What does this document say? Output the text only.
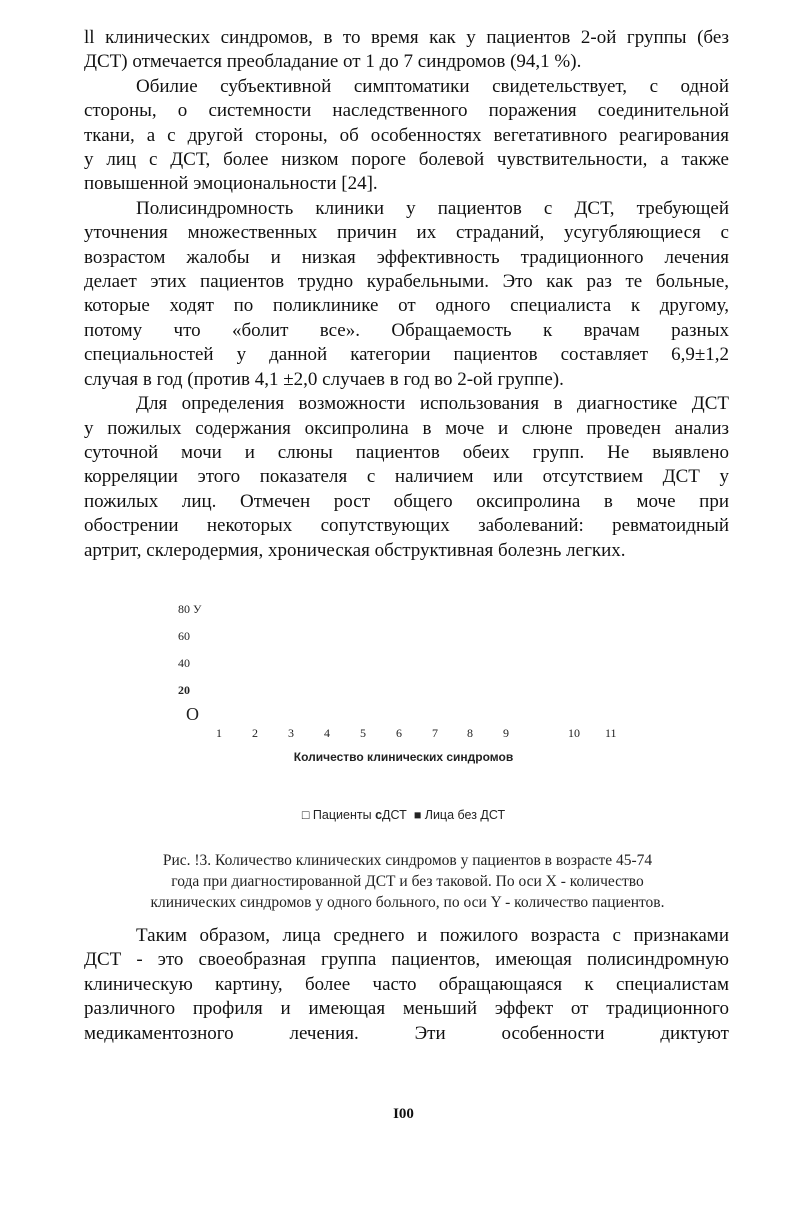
ll клинических синдромов, в то время как у пациентов 2-ой группы (без
ДСТ) отмечается преобладание от 1 до 7 синдромов (94,1 %).

Обилие субъективной симптоматики свидетельствует, с одной
стороны, о системности наследственного поражения соединительной
ткани, а с другой стороны, об особенностях вегетативного реагирования
у лиц с ДСТ, более низком пороге болевой чувствительности, а также
повышенной эмоциональности [24].

Полисиндромность клиники у пациентов с ДСТ, требующей
уточнения множественных причин их страданий, усугубляющиеся с
возрастом жалобы и низкая эффективность традиционного лечения
делает этих пациентов трудно курабельными. Это как раз те больные,
которые ходят по поликлинике от одного специалиста к другому,
потому что «болит все». Обращаемость к врачам разных
специальностей у данной категории пациентов составляет 6,9±1,2
случая в год (против 4,1 ±2,0 случаев в год во 2-ой группе).

Для определения возможности использования в диагностике ДСТ
у пожилых содержания оксипролина в моче и слюне проведен анализ
суточной мочи и слюны пациентов обеих групп. Не выявлено
корреляции этого показателя с наличием или отсутствием ДСТ у
пожилых лиц. Отмечен рост общего оксипролина в моче при
обострении некоторых сопутствующих заболеваний: ревматоидный
артрит, склеродермия, хроническая обструктивная болезнь легких.

80 У
60
40
20
О
1	2	3	4	5	6	7 8	9	10 11
Количество клинических синдромов
□ Пациенты сДСТ ■ Лица без ДСТ
Рис. !3. Количество клинических синдромов у пациентов в возрасте 45-74
года при диагностированной ДСТ и без таковой. По оси X - количество
клинических синдромов у одного больного, по оси Y - количество пациентов.

Таким образом, лица среднего и пожилого возраста с признаками
ДСТ - это своеобразная группа пациентов, имеющая полисиндромную
клиническую картину, более часто обращающаяся к специалистам
различного профиля и имеющая меньший эффект от традиционного
медикаментозного лечения. Эти особенности диктуют

I00
